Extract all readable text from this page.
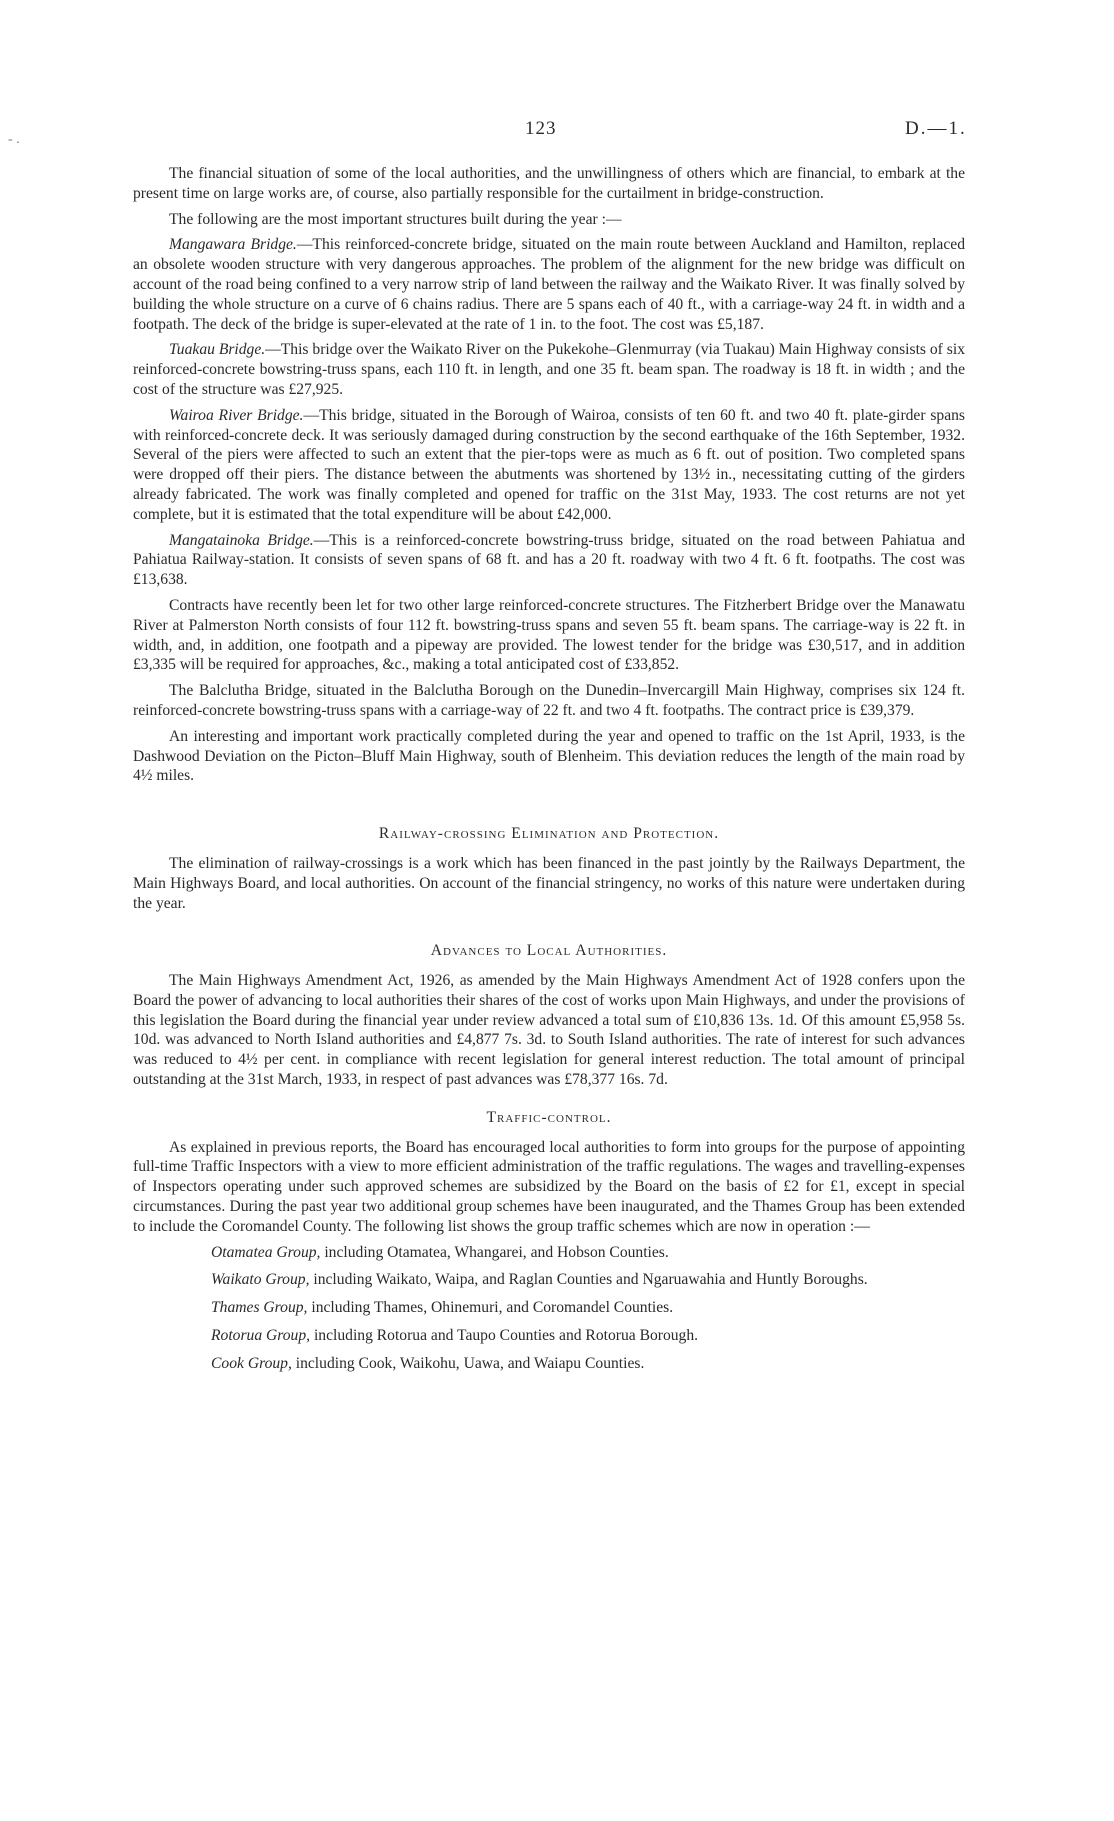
- .
123	D.—1.

The financial situation of some of the local authorities, and the unwillingness of others which are financial, to embark at the present time on large works are, of course, also partially responsible for the curtailment in bridge-construction.

The following are the most important structures built during the year :—

Mangawara Bridge.—This reinforced-concrete bridge, situated on the main route between Auckland and Hamilton, replaced an obsolete wooden structure with very dangerous approaches. The problem of the alignment for the new bridge was difficult on account of the road being confined to a very narrow strip of land between the railway and the Waikato River. It was finally solved by building the whole structure on a curve of 6 chains radius. There are 5 spans each of 40 ft., with a carriage-way 24 ft. in width and a footpath. The deck of the bridge is super-elevated at the rate of 1 in. to the foot. The cost was £5,187.

Tuakau Bridge.—This bridge over the Waikato River on the Pukekohe–Glenmurray (via Tuakau) Main Highway consists of six reinforced-concrete bowstring-truss spans, each 110 ft. in length, and one 35 ft. beam span. The roadway is 18 ft. in width ; and the cost of the structure was £27,925.

Wairoa River Bridge.—This bridge, situated in the Borough of Wairoa, consists of ten 60 ft. and two 40 ft. plate-girder spans with reinforced-concrete deck. It was seriously damaged during construction by the second earthquake of the 16th September, 1932. Several of the piers were affected to such an extent that the pier-tops were as much as 6 ft. out of position. Two completed spans were dropped off their piers. The distance between the abutments was shortened by 13½ in., necessitating cutting of the girders already fabricated. The work was finally completed and opened for traffic on the 31st May, 1933. The cost returns are not yet complete, but it is estimated that the total expenditure will be about £42,000.

Mangatainoka Bridge.—This is a reinforced-concrete bowstring-truss bridge, situated on the road between Pahiatua and Pahiatua Railway-station. It consists of seven spans of 68 ft. and has a 20 ft. roadway with two 4 ft. 6 ft. footpaths. The cost was £13,638.

Contracts have recently been let for two other large reinforced-concrete structures. The Fitzherbert Bridge over the Manawatu River at Palmerston North consists of four 112 ft. bowstring-truss spans and seven 55 ft. beam spans. The carriage-way is 22 ft. in width, and, in addition, one footpath and a pipeway are provided. The lowest tender for the bridge was £30,517, and in addition £3,335 will be required for approaches, &c., making a total anticipated cost of £33,852.

The Balclutha Bridge, situated in the Balclutha Borough on the Dunedin–Invercargill Main Highway, comprises six 124 ft. reinforced-concrete bowstring-truss spans with a carriage-way of 22 ft. and two 4 ft. footpaths. The contract price is £39,379.

An interesting and important work practically completed during the year and opened to traffic on the 1st April, 1933, is the Dashwood Deviation on the Picton–Bluff Main Highway, south of Blenheim. This deviation reduces the length of the main road by 4½ miles.

Railway-crossing Elimination and Protection.

The elimination of railway-crossings is a work which has been financed in the past jointly by the Railways Department, the Main Highways Board, and local authorities. On account of the financial stringency, no works of this nature were undertaken during the year.

Advances to Local Authorities.

The Main Highways Amendment Act, 1926, as amended by the Main Highways Amendment Act of 1928 confers upon the Board the power of advancing to local authorities their shares of the cost of works upon Main Highways, and under the provisions of this legislation the Board during the financial year under review advanced a total sum of £10,836 13s. 1d. Of this amount £5,958 5s. 10d. was advanced to North Island authorities and £4,877 7s. 3d. to South Island authorities. The rate of interest for such advances was reduced to 4½ per cent. in compliance with recent legislation for general interest reduction. The total amount of principal outstanding at the 31st March, 1933, in respect of past advances was £78,377 16s. 7d.

Traffic-control.

As explained in previous reports, the Board has encouraged local authorities to form into groups for the purpose of appointing full-time Traffic Inspectors with a view to more efficient administration of the traffic regulations. The wages and travelling-expenses of Inspectors operating under such approved schemes are subsidized by the Board on the basis of £2 for £1, except in special circumstances. During the past year two additional group schemes have been inaugurated, and the Thames Group has been extended to include the Coromandel County. The following list shows the group traffic schemes which are now in operation :—

Otamatea Group, including Otamatea, Whangarei, and Hobson Counties.
Waikato Group, including Waikato, Waipa, and Raglan Counties and Ngaruawahia and Huntly Boroughs.
Thames Group, including Thames, Ohinemuri, and Coromandel Counties.
Rotorua Group, including Rotorua and Taupo Counties and Rotorua Borough.
Cook Group, including Cook, Waikohu, Uawa, and Waiapu Counties.
